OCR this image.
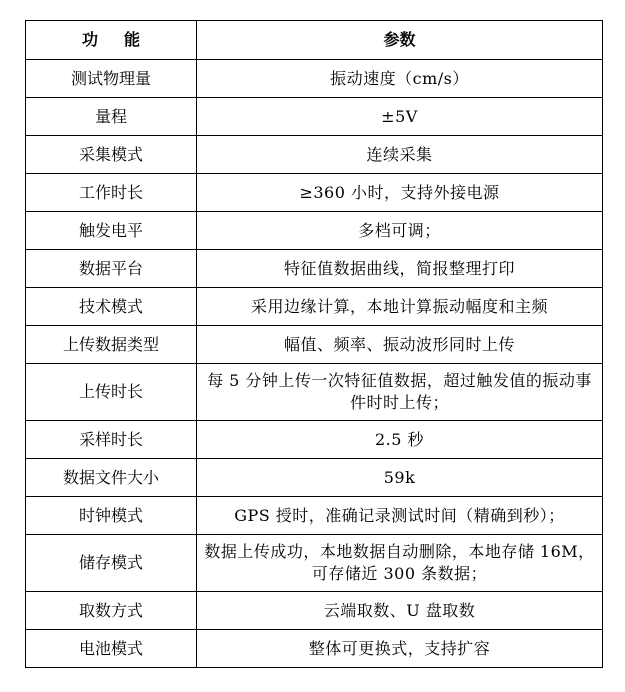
功能	参数
测试物理量	振动速度（cm/s）
量程	±5V
采集模式	连续采集
工作时长	≥360 小时，支持外接电源
触发电平	多档可调；
数据平台	特征值数据曲线，简报整理打印
技术模式	采用边缘计算，本地计算振动幅度和主频
上传数据类型	幅值、频率、振动波形同时上传
上传时长	每 5 分钟上传一次特征值数据，超过触发值的振动事件时时上传；
采样时长	2.5 秒
数据文件大小	59k
时钟模式	GPS 授时，准确记录测试时间（精确到秒）；
储存模式	数据上传成功，本地数据自动删除，本地存储 16M，可存储近 300 条数据；
取数方式	云端取数、U 盘取数
电池模式	整体可更换式，支持扩容
